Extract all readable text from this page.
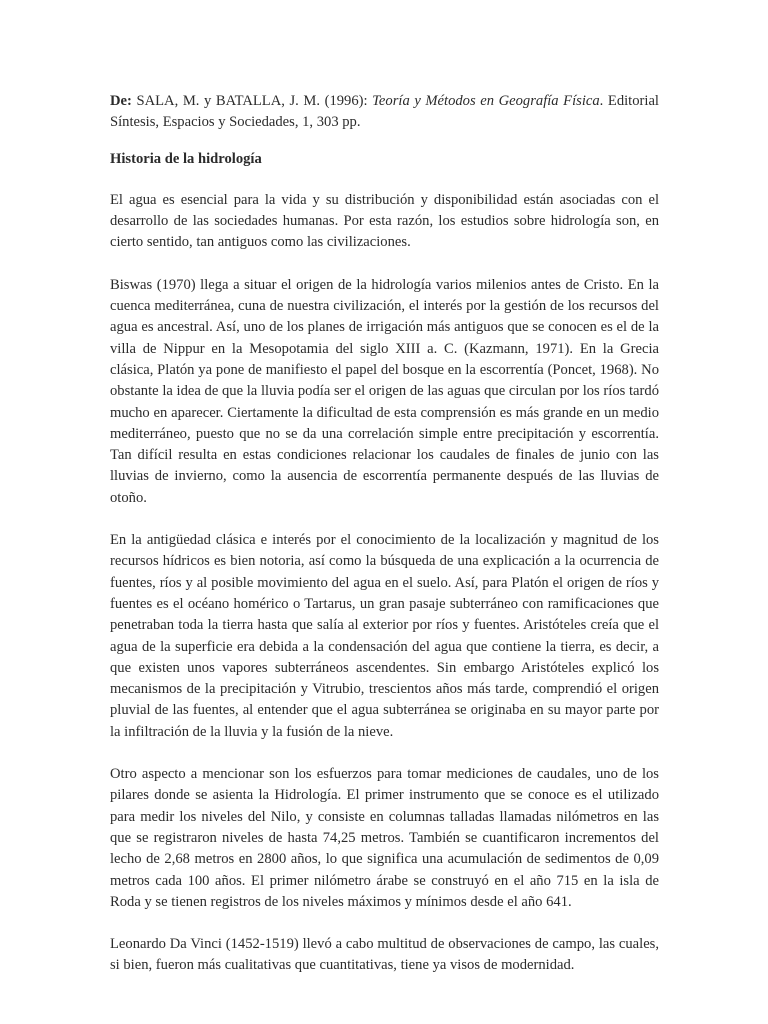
De: SALA, M. y BATALLA, J. M. (1996): Teoría y Métodos en Geografía Física. Editorial Síntesis, Espacios y Sociedades, 1, 303 pp.

Historia de la hidrología

El agua es esencial para la vida y su distribución y disponibilidad están asociadas con el desarrollo de las sociedades humanas. Por esta razón, los estudios sobre hidrología son, en cierto sentido, tan antiguos como las civilizaciones.

Biswas (1970) llega a situar el origen de la hidrología varios milenios antes de Cristo. En la cuenca mediterránea, cuna de nuestra civilización, el interés por la gestión de los recursos del agua es ancestral. Así, uno de los planes de irrigación más antiguos que se conocen es el de la villa de Nippur en la Mesopotamia del siglo XIII a. C. (Kazmann, 1971). En la Grecia clásica, Platón ya pone de manifiesto el papel del bosque en la escorrentía (Poncet, 1968). No obstante la idea de que la lluvia podía ser el origen de las aguas que circulan por los ríos tardó mucho en aparecer. Ciertamente la dificultad de esta comprensión es más grande en un medio mediterráneo, puesto que no se da una correlación simple entre precipitación y escorrentía. Tan difícil resulta en estas condiciones relacionar los caudales de finales de junio con las lluvias de invierno, como la ausencia de escorrentía permanente después de las lluvias de otoño.

En la antigüedad clásica e interés por el conocimiento de la localización y magnitud de los recursos hídricos es bien notoria, así como la búsqueda de una explicación a la ocurrencia de fuentes, ríos y al posible movimiento del agua en el suelo. Así, para Platón el origen de ríos y fuentes es el océano homérico o Tartarus, un gran pasaje subterráneo con ramificaciones que penetraban toda la tierra hasta que salía al exterior por ríos y fuentes. Aristóteles creía que el agua de la superficie era debida a la condensación del agua que contiene la tierra, es decir, a que existen unos vapores subterráneos ascendentes. Sin embargo Aristóteles explicó los mecanismos de la precipitación y Vitrubio, trescientos años más tarde, comprendió el origen pluvial de las fuentes, al entender que el agua subterránea se originaba en su mayor parte por la infiltración de la lluvia y la fusión de la nieve.

Otro aspecto a mencionar son los esfuerzos para tomar mediciones de caudales, uno de los pilares donde se asienta la Hidrología. El primer instrumento que se conoce es el utilizado para medir los niveles del Nilo, y consiste en columnas talladas llamadas nilómetros en las que se registraron niveles de hasta 74,25 metros. También se cuantificaron incrementos del lecho de 2,68 metros en 2800 años, lo que significa una acumulación de sedimentos de 0,09 metros cada 100 años. El primer nilómetro árabe se construyó en el año 715 en la isla de Roda y se tienen registros de los niveles máximos y mínimos desde el año 641.

Leonardo Da Vinci (1452-1519) llevó a cabo multitud de observaciones de campo, las cuales, si bien, fueron más cualitativas que cuantitativas, tiene ya visos de modernidad.
